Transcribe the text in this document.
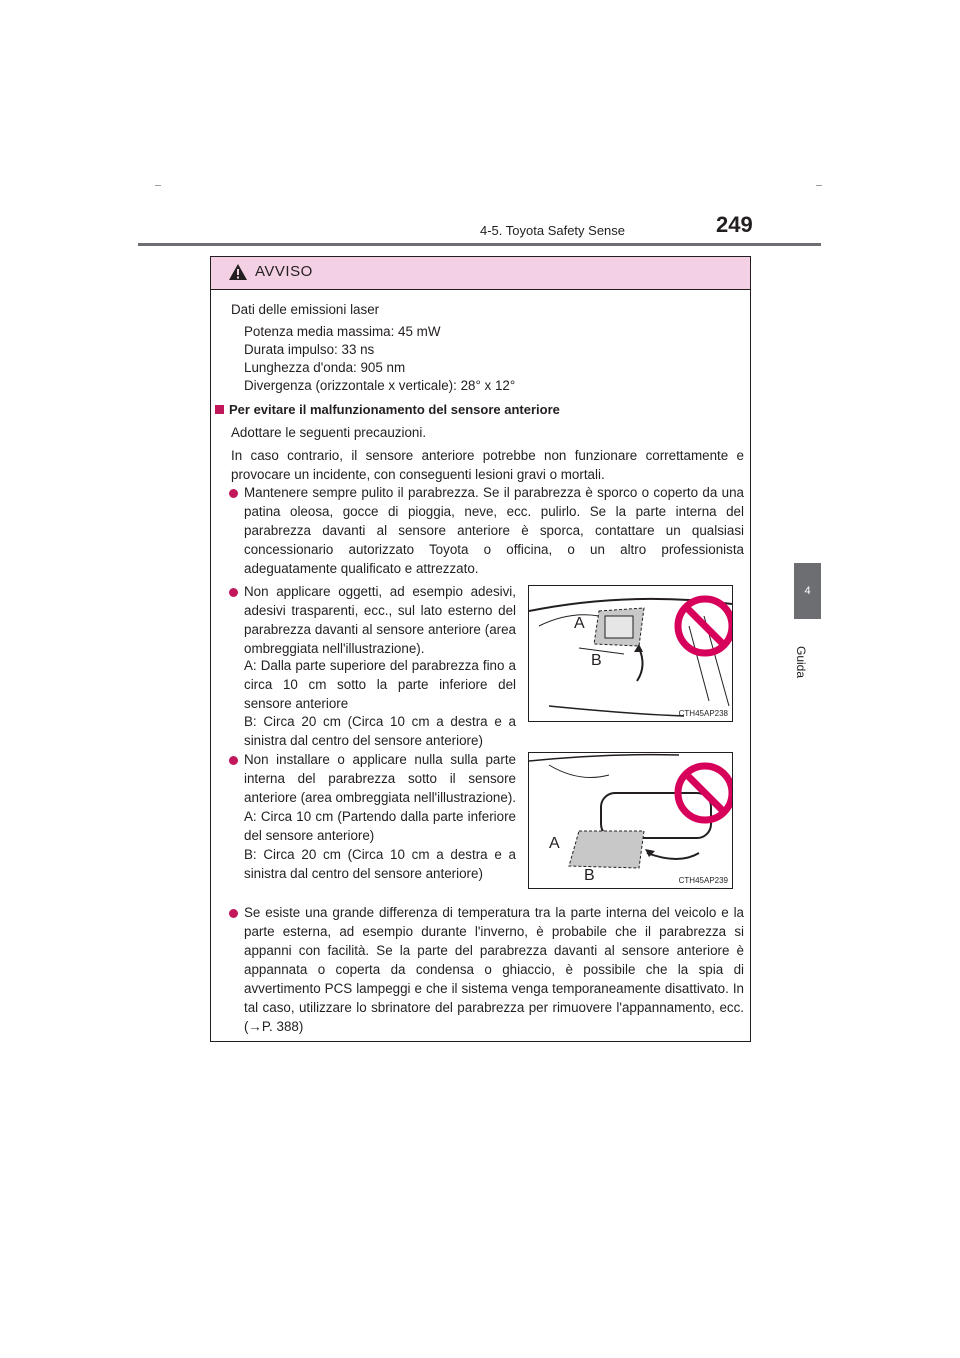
4-5. Toyota Safety Sense	249
4
Guida
AVVISO
Dati delle emissioni laser
Potenza media massima: 45 mW
Durata impulso: 33 ns
Lunghezza d'onda: 905 nm
Divergenza (orizzontale x verticale): 28° x 12°
Per evitare il malfunzionamento del sensore anteriore
Adottare le seguenti precauzioni.
In caso contrario, il sensore anteriore potrebbe non funzionare correttamente e provocare un incidente, con conseguenti lesioni gravi o mortali.
Mantenere sempre pulito il parabrezza. Se il parabrezza è sporco o coperto da una patina oleosa, gocce di pioggia, neve, ecc. pulirlo. Se la parte interna del parabrezza davanti al sensore anteriore è sporca, contattare un qualsiasi concessionario autorizzato Toyota o officina, o un altro professionista adeguatamente qualificato e attrezzato.
Non applicare oggetti, ad esempio adesivi, adesivi trasparenti, ecc., sul lato esterno del parabrezza davanti al sensore anteriore (area ombreggiata nell'illustrazione).
A: Dalla parte superiore del parabrezza fino a circa 10 cm sotto la parte inferiore del sensore anteriore
B: Circa 20 cm (Circa 10 cm a destra e a sinistra dal centro del sensore anteriore)
A
B
CTH45AP238
Non installare o applicare nulla sulla parte interna del parabrezza sotto il sensore anteriore (area ombreggiata nell'illustrazione).
A: Circa 10 cm (Partendo dalla parte inferiore del sensore anteriore)
B: Circa 20 cm (Circa 10 cm a destra e a sinistra dal centro del sensore anteriore)
A
B	CTH45AP239
Se esiste una grande differenza di temperatura tra la parte interna del veicolo e la parte esterna, ad esempio durante l'inverno, è probabile che il parabrezza si appanni con facilità. Se la parte del parabrezza davanti al sensore anteriore è appannata o coperta da condensa o ghiaccio, è possibile che la spia di avvertimento PCS lampeggi e che il sistema venga temporaneamente disattivato. In tal caso, utilizzare lo sbrinatore del parabrezza per rimuovere l'appannamento, ecc. (→P. 388)
